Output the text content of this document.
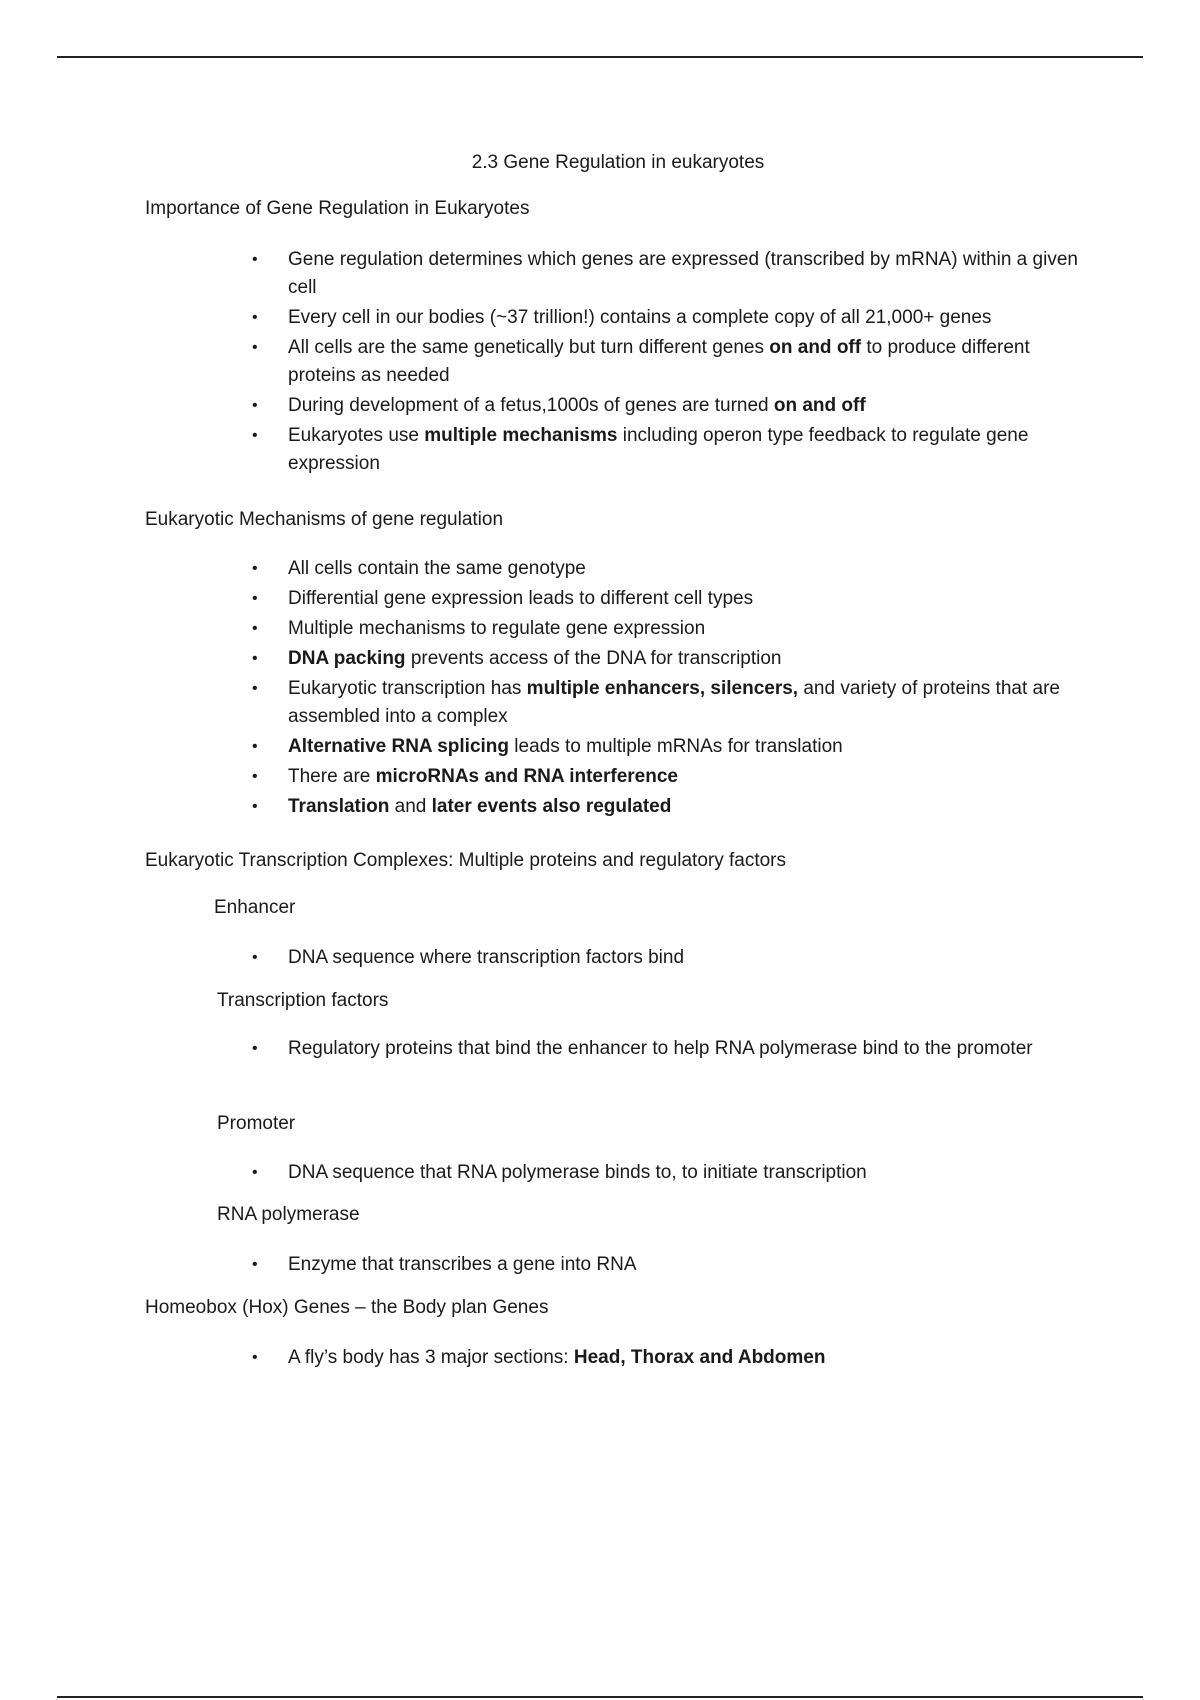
2.3 Gene Regulation in eukaryotes

Importance of Gene Regulation in Eukaryotes

•	Gene regulation determines which genes are expressed (transcribed by mRNA) within a given cell
•	Every cell in our bodies (~37 trillion!) contains a complete copy of all 21,000+ genes
•	All cells are the same genetically but turn different genes on and off to produce different proteins as needed
•	During development of a fetus,1000s of genes are turned on and off
•	Eukaryotes use multiple mechanisms including operon type feedback to regulate gene expression

Eukaryotic Mechanisms of gene regulation

•	All cells contain the same genotype
•	Differential gene expression leads to different cell types
•	Multiple mechanisms to regulate gene expression
•	DNA packing prevents access of the DNA for transcription
•	Eukaryotic transcription has multiple enhancers, silencers, and variety of proteins that are assembled into a complex
•	Alternative RNA splicing leads to multiple mRNAs for translation
•	There are microRNAs and RNA interference
•	Translation and later events also regulated

Eukaryotic Transcription Complexes: Multiple proteins and regulatory factors

Enhancer

•	DNA sequence where transcription factors bind

Transcription factors

•	Regulatory proteins that bind the enhancer to help RNA polymerase bind to the promoter

Promoter

•	DNA sequence that RNA polymerase binds to, to initiate transcription

RNA polymerase

•	Enzyme that transcribes a gene into RNA

Homeobox (Hox) Genes – the Body plan Genes

•	A fly’s body has 3 major sections: Head, Thorax and Abdomen
